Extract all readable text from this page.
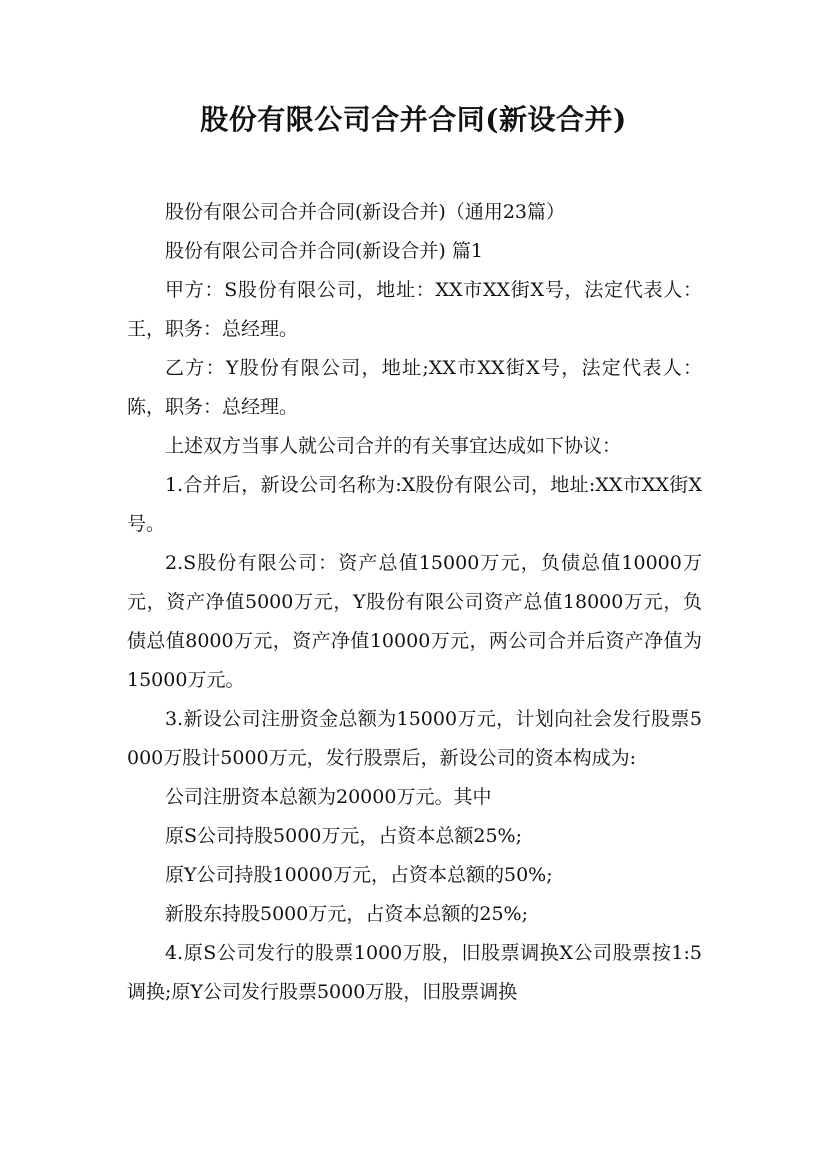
股份有限公司合并合同(新设合并)

股份有限公司合并合同(新设合并)（通用23篇）

股份有限公司合并合同(新设合并) 篇1

甲方：S股份有限公司，地址：XX市XX街X号，法定代表人：王，职务：总经理。

乙方：Y股份有限公司，地址;XX市XX街X号，法定代表人：陈，职务：总经理。

上述双方当事人就公司合并的有关事宜达成如下协议：

1.合并后，新设公司名称为:X股份有限公司，地址:XX市XX街X号。

2.S股份有限公司：资产总值15000万元，负债总值10000万元，资产净值5000万元，Y股份有限公司资产总值18000万元，负债总值8000万元，资产净值10000万元，两公司合并后资产净值为15000万元。

3.新设公司注册资金总额为15000万元，计划向社会发行股票5000万股计5000万元，发行股票后，新设公司的资本构成为:

公司注册资本总额为20000万元。其中

原S公司持股5000万元，占资本总额25%;

原Y公司持股10000万元，占资本总额的50%;

新股东持股5000万元，占资本总额的25%;

4.原S公司发行的股票1000万股，旧股票调换X公司股票按1:5调换;原Y公司发行股票5000万股，旧股票调换
